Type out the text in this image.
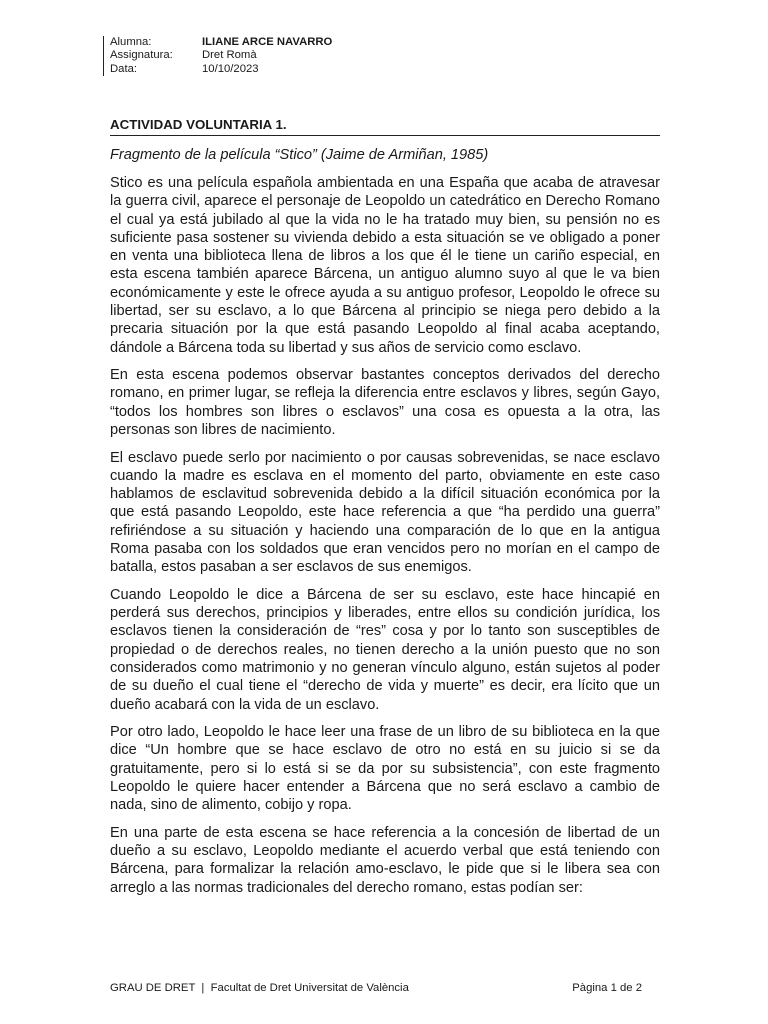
Alumna:	ILIANE ARCE NAVARRO
Assignatura:	Dret Romà
Data:	10/10/2023
ACTIVIDAD VOLUNTARIA 1.
Fragmento de la película “Stico” (Jaime de Armiñan, 1985)

Stico es una película española ambientada en una España que acaba de atravesar la guerra civil, aparece el personaje de Leopoldo un catedrático en Derecho Romano el cual ya está jubilado al que la vida no le ha tratado muy bien, su pensión no es suficiente pasa sostener su vivienda debido a esta situación se ve obligado a poner en venta una biblioteca llena de libros a los que él le tiene un cariño especial, en esta escena también aparece Bárcena, un antiguo alumno suyo al que le va bien económicamente y este le ofrece ayuda a su antiguo profesor, Leopoldo le ofrece su libertad, ser su esclavo, a lo que Bárcena al principio se niega pero debido a la precaria situación por la que está pasando Leopoldo al final acaba aceptando, dándole a Bárcena toda su libertad y sus años de servicio como esclavo.

En esta escena podemos observar bastantes conceptos derivados del derecho romano, en primer lugar, se refleja la diferencia entre esclavos y libres, según Gayo, “todos los hombres son libres o esclavos” una cosa es opuesta a la otra, las personas son libres de nacimiento.

El esclavo puede serlo por nacimiento o por causas sobrevenidas, se nace esclavo cuando la madre es esclava en el momento del parto, obviamente en este caso hablamos de esclavitud sobrevenida debido a la difícil situación económica por la que está pasando Leopoldo, este hace referencia a que “ha perdido una guerra” refiriéndose a su situación y haciendo una comparación de lo que en la antigua Roma pasaba con los soldados que eran vencidos pero no morían en el campo de batalla, estos pasaban a ser esclavos de sus enemigos.

Cuando Leopoldo le dice a Bárcena de ser su esclavo, este hace hincapié en perderá sus derechos, principios y liberades, entre ellos su condición jurídica, los esclavos tienen la consideración de “res” cosa y por lo tanto son susceptibles de propiedad o de derechos reales, no tienen derecho a la unión puesto que no son considerados como matrimonio y no generan vínculo alguno, están sujetos al poder de su dueño el cual tiene el “derecho de vida y muerte” es decir, era lícito que un dueño acabará con la vida de un esclavo.

Por otro lado, Leopoldo le hace leer una frase de un libro de su biblioteca en la que dice “Un hombre que se hace esclavo de otro no está en su juicio si se da gratuitamente, pero si lo está si se da por su subsistencia”, con este fragmento Leopoldo le quiere hacer entender a Bárcena que no será esclavo a cambio de nada, sino de alimento, cobijo y ropa.

En una parte de esta escena se hace referencia a la concesión de libertad de un dueño a su esclavo, Leopoldo mediante el acuerdo verbal que está teniendo con Bárcena, para formalizar la relación amo-esclavo, le pide que si le libera sea con arreglo a las normas tradicionales del derecho romano, estas podían ser:

GRAU DE DRET  |  Facultat de Dret Universitat de València	Pàgina 1 de 2
